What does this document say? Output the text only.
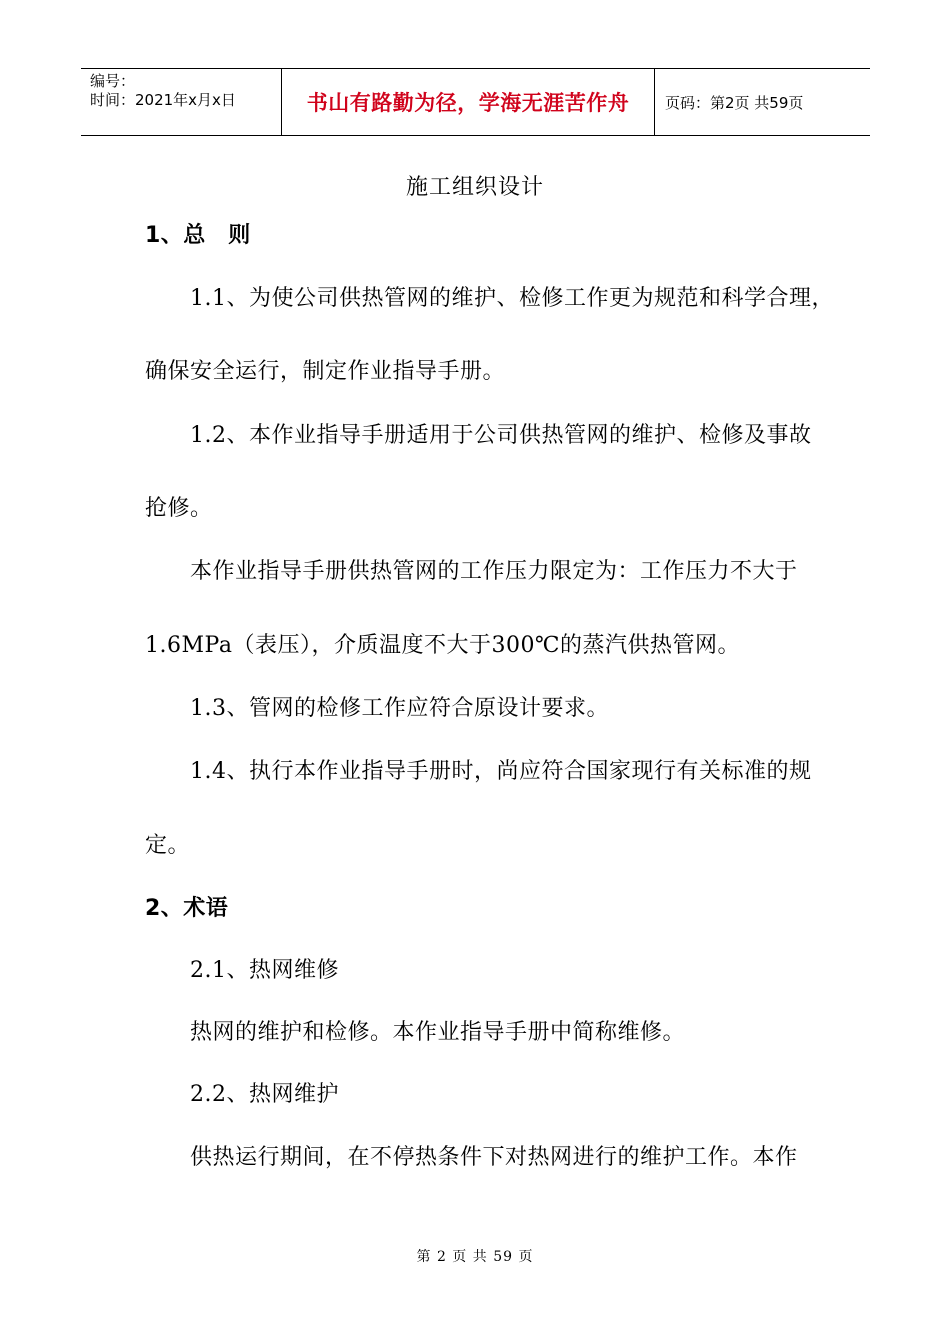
编号：
时间：2021年x月x日	书山有路勤为径，学海无涯苦作舟	页码：第2页 共59页
施工组织设计
1、总　则
1.1、为使公司供热管网的维护、检修工作更为规范和科学合理，
确保安全运行，制定作业指导手册。
1.2、本作业指导手册适用于公司供热管网的维护、检修及事故
抢修。
本作业指导手册供热管网的工作压力限定为：工作压力不大于
1.6MPa（表压），介质温度不大于300℃的蒸汽供热管网。
1.3、管网的检修工作应符合原设计要求。
1.4、执行本作业指导手册时，尚应符合国家现行有关标准的规
定。
2、术语
2.1、热网维修
热网的维护和检修。本作业指导手册中简称维修。
2.2、热网维护
供热运行期间，在不停热条件下对热网进行的维护工作。本作
第 2 页 共 59 页
